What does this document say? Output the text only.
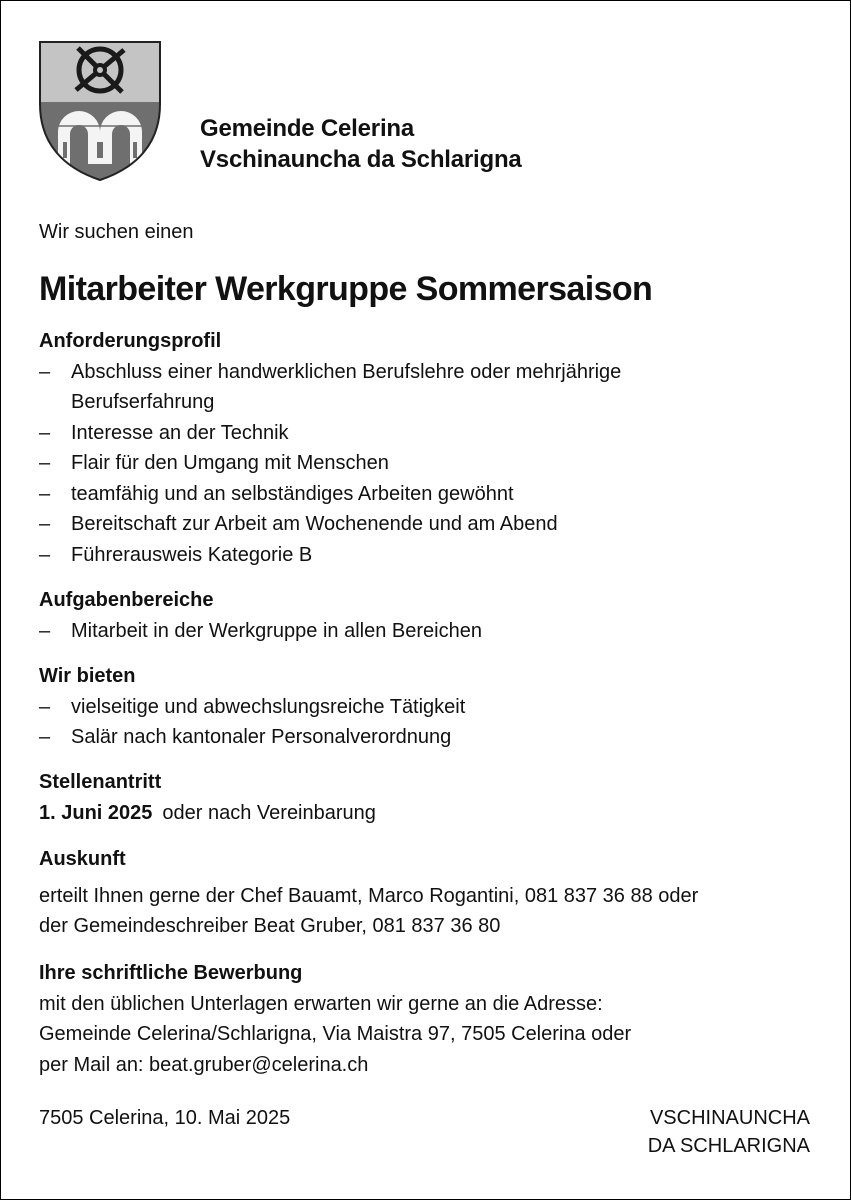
Gemeinde Celerina
Vschinauncha da Schlarigna
Wir suchen einen
Mitarbeiter Werkgruppe Sommersaison
Anforderungsprofil
– Abschluss einer handwerklichen Berufslehre oder mehrjährige Berufserfahrung
– Interesse an der Technik
– Flair für den Umgang mit Menschen
– teamfähig und an selbständiges Arbeiten gewöhnt
– Bereitschaft zur Arbeit am Wochenende und am Abend
– Führerausweis Kategorie B
Aufgabenbereiche
– Mitarbeit in der Werkgruppe in allen Bereichen
Wir bieten
– vielseitige und abwechslungsreiche Tätigkeit
– Salär nach kantonaler Personalverordnung
Stellenantritt
1. Juni 2025 oder nach Vereinbarung
Auskunft
erteilt Ihnen gerne der Chef Bauamt, Marco Rogantini, 081 837 36 88 oder
der Gemeindeschreiber Beat Gruber, 081 837 36 80
Ihre schriftliche Bewerbung
mit den üblichen Unterlagen erwarten wir gerne an die Adresse:
Gemeinde Celerina/Schlarigna, Via Maistra 97, 7505 Celerina oder
per Mail an: beat.gruber@celerina.ch
7505 Celerina, 10. Mai 2025	VSCHINAUNCHA
DA SCHLARIGNA
